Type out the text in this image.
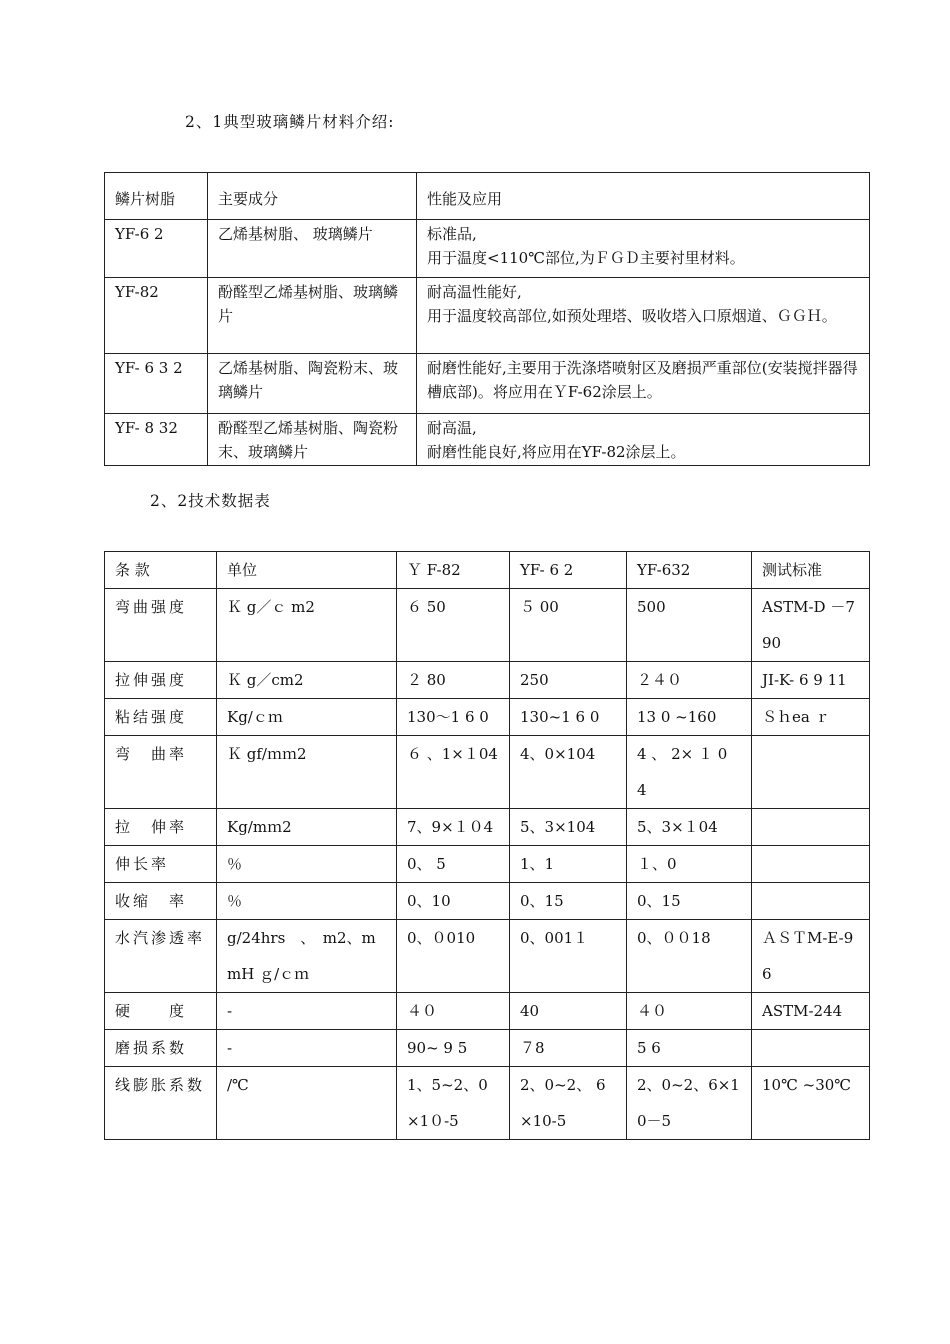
2、1典型玻璃鳞片材料介绍:
鳞片树脂	主要成分	性能及应用
YF-6 2	乙烯基树脂、 玻璃鳞片	标准品,
用于温度<110℃部位,为ＦＧＤ主要衬里材料。

YF-82	酚醛型乙烯基树脂、玻璃鳞片	耐高温性能好,
用于温度较高部位,如预处理塔、吸收塔入口原烟道、ＧＧＨ。

YF- 6 3 2	乙烯基树脂、陶瓷粉末、玻璃鳞片	耐磨性能好,主要用于洗涤塔喷射区及磨损严重部位(安装搅拌器得槽底部)。将应用在ＹF-62涂层上。

YF- 8 32	酚醛型乙烯基树脂、陶瓷粉末、玻璃鳞片	耐高温,
耐磨性能良好,将应用在YF-82涂层上。
2、2技术数据表
条 款	单位	Ｙ F-82	YF- 6 2	YF-632	测试标准
弯曲强度	Ｋ g／ｃ m2	６ 50	５ 00	500	ASTM-D －790
拉伸强度	Ｋ g／cm2	２ 80	250	２４０	JI-K- 6 9 11
粘结强度	Kg/ｃｍ	130～1 6 0	130~1 6 0	13 0 ~160	Ｓｈea ｒ
弯　曲率	Ｋ gf/ｍｍ2	６ 、1×１04	4、0×104	4 、 2× １ 0 4	
拉　伸率	Kg/mｍ2	7、9×１０4	5、3×104	5、3×１04	
伸长率	％	0、 5	1、1	１、0	
收缩　率	％	0、10	0、15	0、15	
水汽渗透率	g/24hrs　、　m2、mmH ｇ/ｃｍ	0、０010	0、001１	0、００18	ＡＳＴM-E-9 6
硬　　度	-	４０	40	４０	ASTM-244
磨损系数	-	90~ 9 5	７8	5 6	
线膨胀系数	/℃	1、5~2、0×1０-5	2、0~2、 6 ×10-5	2、0~2、6×10－5	10℃ ~30℃
